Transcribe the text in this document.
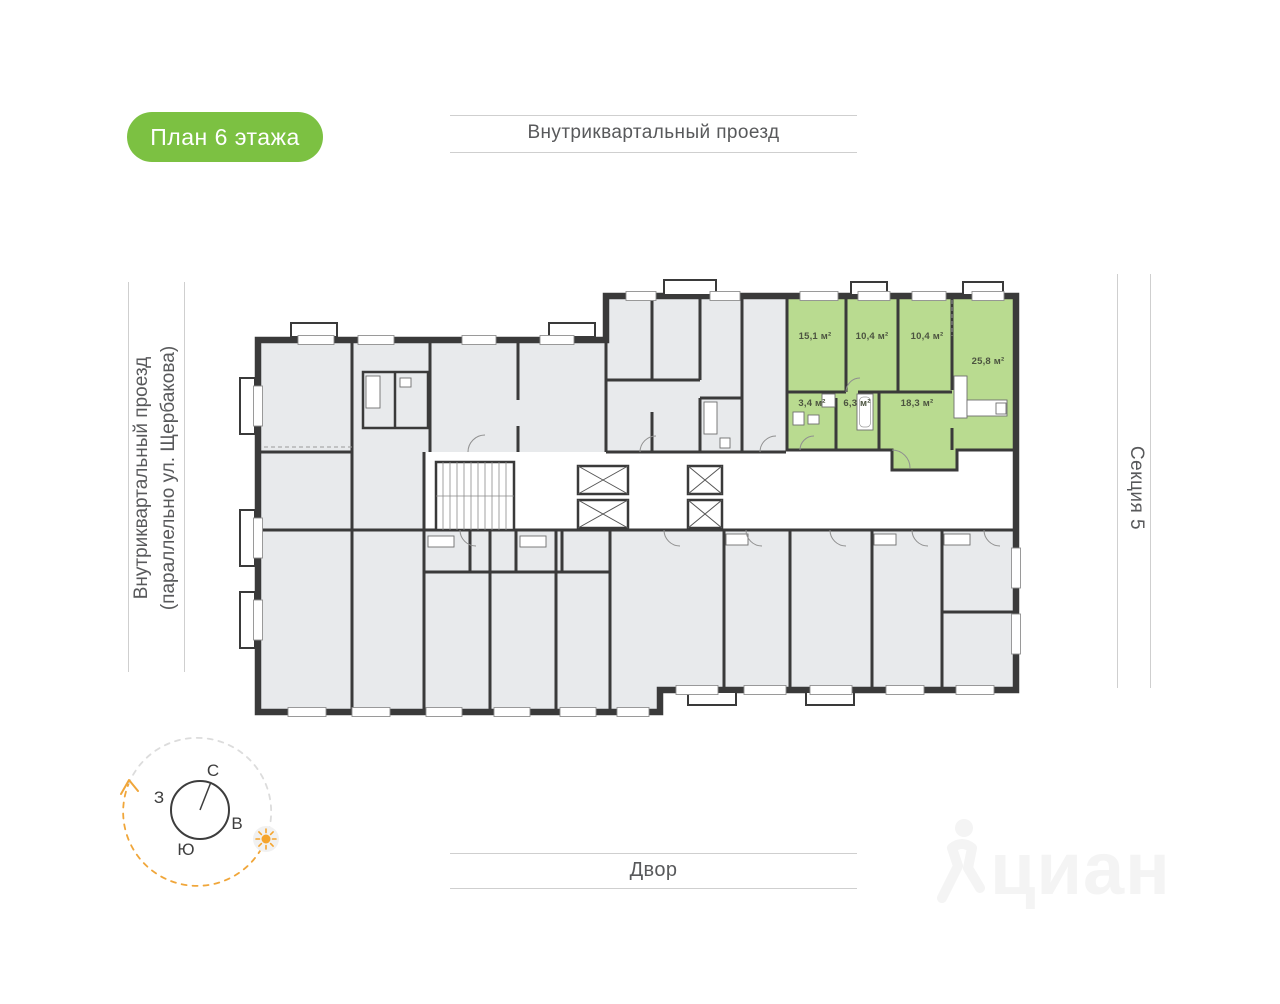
План 6 этажа	Внутриквартальный проезд
Внутриквартальный проезд (параллельно ул. Щербакова)	Секция 5
Двор
15,1 м²	10,4 м² 10,4 м²
25,8 м²
3,4 м² 6,3 м²	18,3 м²
С
З
В
Ю	циан
